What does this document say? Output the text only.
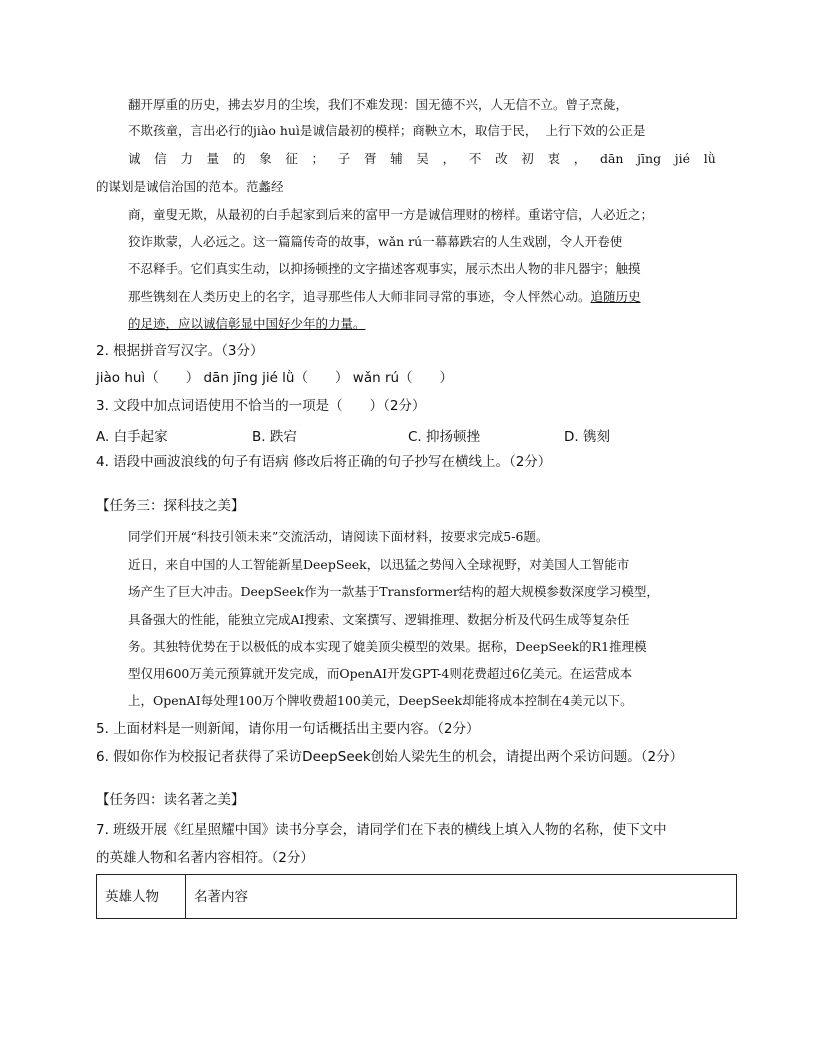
翻开厚重的历史，拂去岁月的尘埃，我们不难发现：国无德不兴，人无信不立。曾子烹彘，
不欺孩童，言出必行的jiào huì是诚信最初的模样；商鞅立木，取信于民， 上行下效的公正是
诚 信 力 量 的 象 征 ； 子 胥 辅 吴 ， 不 改 初 衷 ， dān jīng jié lǜ
的谋划是诚信治国的范本。范蠡经
商，童叟无欺，从最初的白手起家到后来的富甲一方是诚信理财的榜样。重诺守信，人必近之；
狡诈欺蒙，人必远之。这一篇篇传奇的故事，wǎn rú一幕幕跌宕的人生戏剧，令人开卷使
不忍释手。它们真实生动，以抑扬顿挫的文字描述客观事实，展示杰出人物的非凡器宇；触摸
那些镌刻在人类历史上的名字，追寻那些伟人大师非同寻常的事迹，令人怦然心动。追随历史
的足迹，应以诚信彰显中国好少年的力量。
2. 根据拼音写汉字。（3分）
jiào huì（　　） dān jīng jié lǜ（　　） wǎn rú（　　）
3. 文段中加点词语使用不恰当的一项是（　　）（2分）
A. 白手起家	B. 跌宕	C. 抑扬顿挫	D. 镌刻
4. 语段中画波浪线的句子有语病 修改后将正确的句子抄写在横线上。（2分）
【任务三：探科技之美】
同学们开展“科技引领未来”交流活动，请阅读下面材料，按要求完成5-6题。
近日，来自中国的人工智能新星DeepSeek，以迅猛之势闯入全球视野，对美国人工智能市
场产生了巨大冲击。DeepSeek作为一款基于Transformer结构的超大规模参数深度学习模型，
具备强大的性能，能独立完成AI搜索、文案撰写、逻辑推理、数据分析及代码生成等复杂任
务。其独特优势在于以极低的成本实现了媲美顶尖模型的效果。据称，DeepSeek的R1推理模
型仅用600万美元预算就开发完成，而OpenAI开发GPT-4则花费超过6亿美元。在运营成本
上，OpenAI每处理100万个牌收费超100美元，DeepSeek却能将成本控制在4美元以下。
5. 上面材料是一则新闻，请你用一句话概括出主要内容。（2分）
6. 假如你作为校报记者获得了采访DeepSeek创始人梁先生的机会，请提出两个采访问题。（2分）
【任务四：读名著之美】
7. 班级开展《红星照耀中国》读书分享会，请同学们在下表的横线上填入人物的名称，使下文中
的英雄人物和名著内容相符。（2分）
英雄人物	名著内容
